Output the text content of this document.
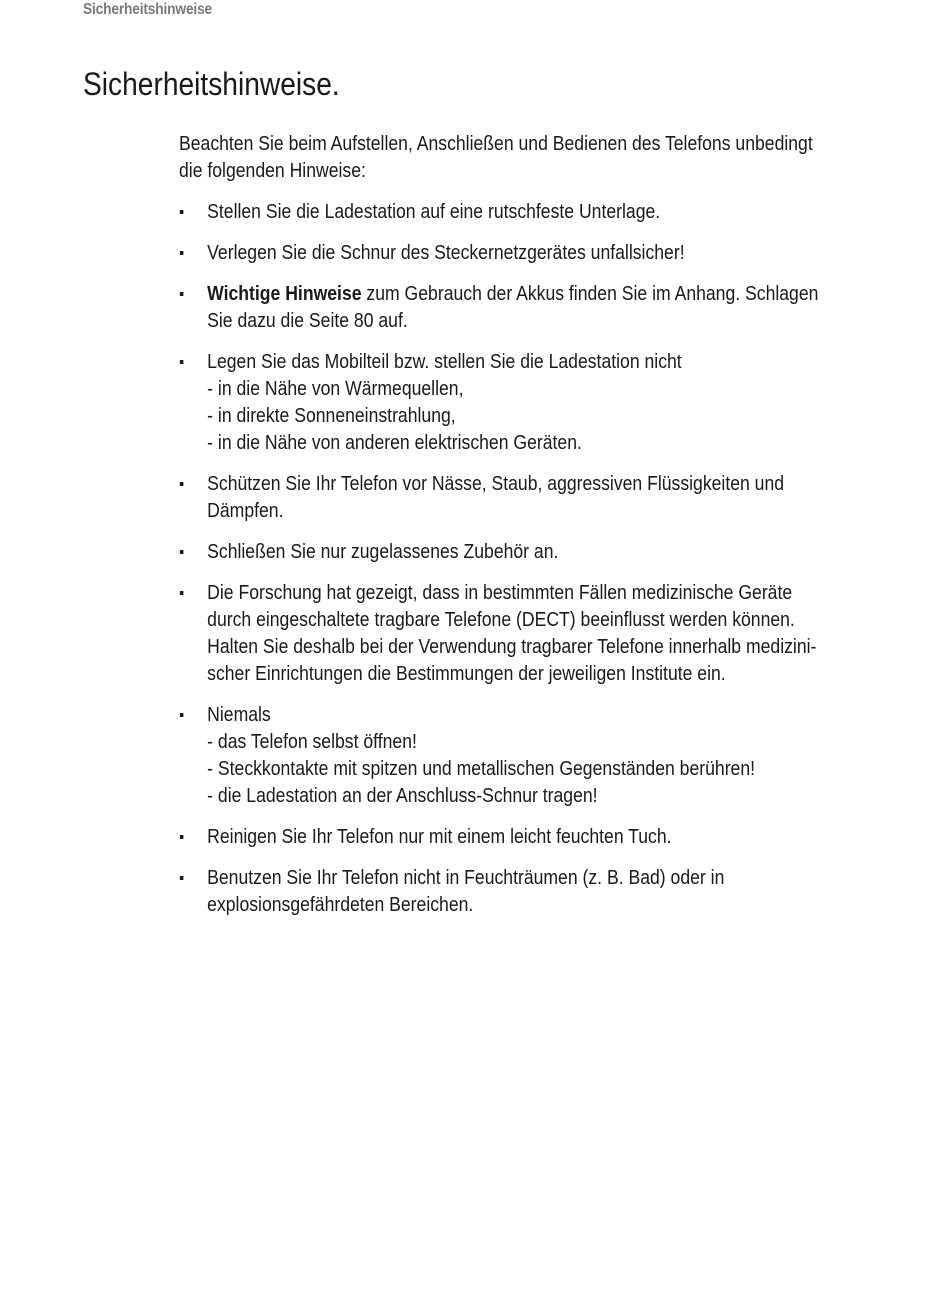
Sicherheitshinweise
Sicherheitshinweise.

Beachten Sie beim Aufstellen, Anschließen und Bedienen des Telefons unbedingt
die folgenden Hinweise:

Stellen Sie die Ladestation auf eine rutschfeste Unterlage.
Verlegen Sie die Schnur des Steckernetzgerätes unfallsicher!
Wichtige Hinweise zum Gebrauch der Akkus finden Sie im Anhang. Schlagen
Sie dazu die Seite 80 auf.
Legen Sie das Mobilteil bzw. stellen Sie die Ladestation nicht
- in die Nähe von Wärmequellen,
- in direkte Sonneneinstrahlung,
- in die Nähe von anderen elektrischen Geräten.
Schützen Sie Ihr Telefon vor Nässe, Staub, aggressiven Flüssigkeiten und
Dämpfen.
Schließen Sie nur zugelassenes Zubehör an.
Die Forschung hat gezeigt, dass in bestimmten Fällen medizinische Geräte
durch eingeschaltete tragbare Telefone (DECT) beeinflusst werden können.
Halten Sie deshalb bei der Verwendung tragbarer Telefone innerhalb medizini-
scher Einrichtungen die Bestimmungen der jeweiligen Institute ein.
Niemals
- das Telefon selbst öffnen!
- Steckkontakte mit spitzen und metallischen Gegenständen berühren!
- die Ladestation an der Anschluss-Schnur tragen!
Reinigen Sie Ihr Telefon nur mit einem leicht feuchten Tuch.
Benutzen Sie Ihr Telefon nicht in Feuchträumen (z. B. Bad) oder in
explosionsgefährdeten Bereichen.
